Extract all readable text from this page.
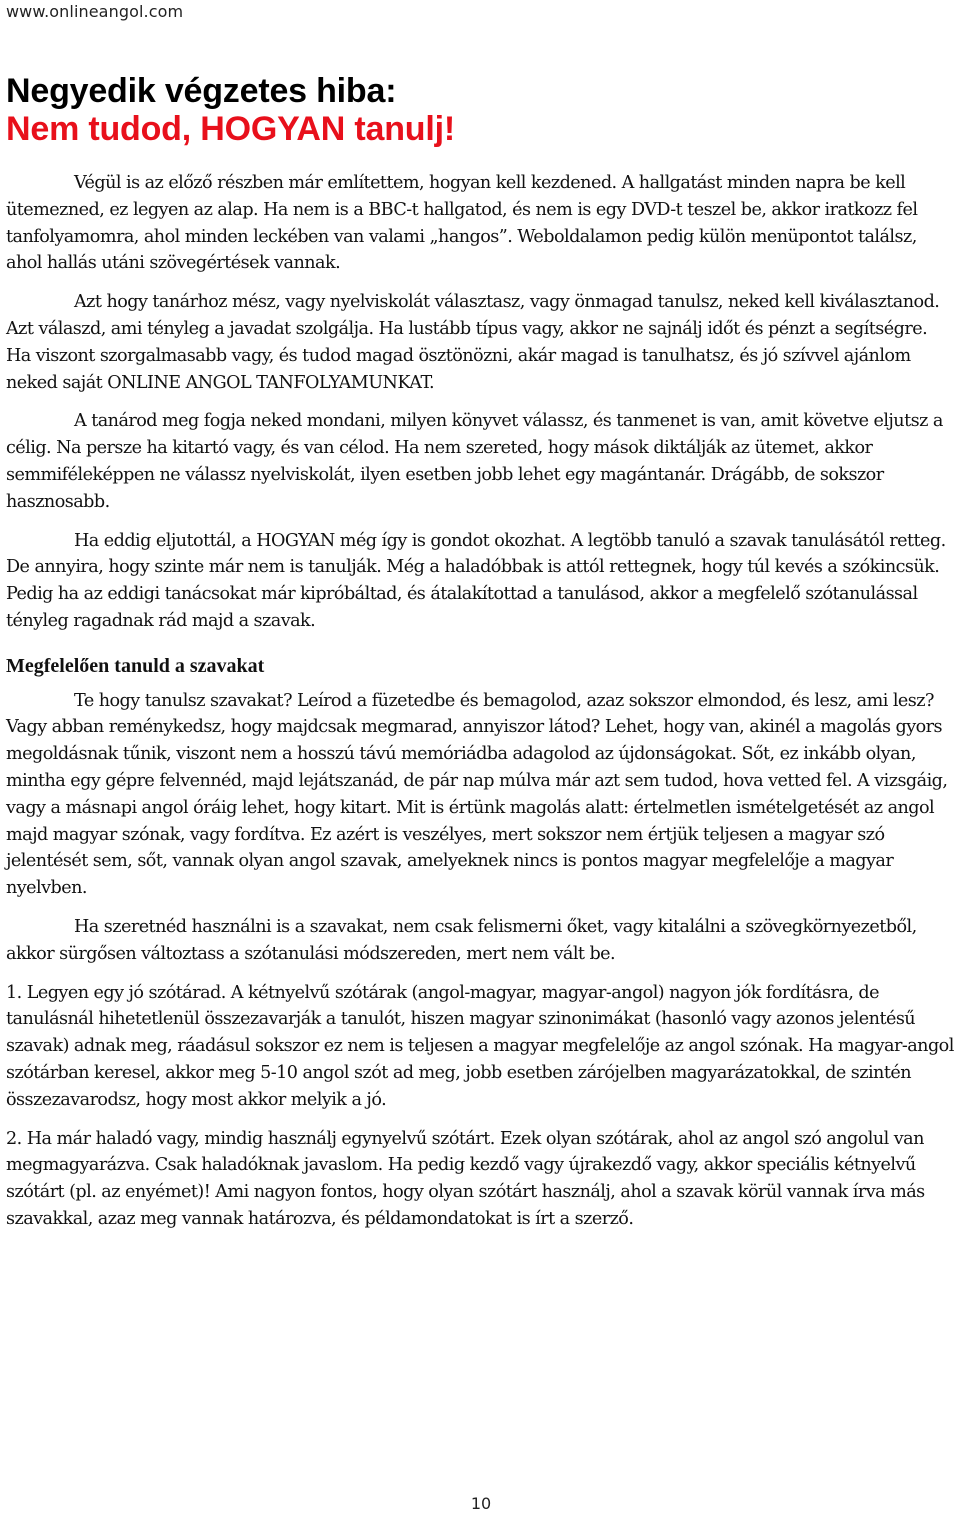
www.onlineangol.com
Negyedik végzetes hiba:
Nem tudod, HOGYAN tanulj!

Végül is az előző részben már említettem, hogyan kell kezdened. A hallgatást minden napra be kell ütemezned, ez legyen az alap. Ha nem is a BBC-t hallgatod, és nem is egy DVD-t teszel be, akkor iratkozz fel tanfolyamomra, ahol minden leckében van valami „hangos”. Weboldalamon pedig külön menüpontot találsz, ahol hallás utáni szövegértések vannak.

Azt hogy tanárhoz mész, vagy nyelviskolát választasz, vagy önmagad tanulsz, neked kell kiválasztanod. Azt válaszd, ami tényleg a javadat szolgálja. Ha lustább típus vagy, akkor ne sajnálj időt és pénzt a segítségre. Ha viszont szorgalmasabb vagy, és tudod magad ösztönözni, akár magad is tanulhatsz, és jó szívvel ajánlom neked saját ONLINE ANGOL TANFOLYAMUNKAT.

A tanárod meg fogja neked mondani, milyen könyvet válassz, és tanmenet is van, amit követve eljutsz a célig. Na persze ha kitartó vagy, és van célod. Ha nem szereted, hogy mások diktálják az ütemet, akkor semmiféleképpen ne válassz nyelviskolát, ilyen esetben jobb lehet egy magántanár. Drágább, de sokszor hasznosabb.

Ha eddig eljutottál, a HOGYAN még így is gondot okozhat. A legtöbb tanuló a szavak tanulásától retteg. De annyira, hogy szinte már nem is tanulják. Még a haladóbbak is attól rettegnek, hogy túl kevés a szókincsük. Pedig ha az eddigi tanácsokat már kipróbáltad, és átalakítottad a tanulásod, akkor a megfelelő szótanulással tényleg ragadnak rád majd a szavak.

Megfelelően tanuld a szavakat

Te hogy tanulsz szavakat? Leírod a füzetedbe és bemagolod, azaz sokszor elmondod, és lesz, ami lesz? Vagy abban reménykedsz, hogy majdcsak megmarad, annyiszor látod? Lehet, hogy van, akinél a magolás gyors megoldásnak tűnik, viszont nem a hosszú távú memóriádba adagolod az újdonságokat. Sőt, ez inkább olyan, mintha egy gépre felvennéd, majd lejátszanád, de pár nap múlva már azt sem tudod, hova vetted fel. A vizsgáig, vagy a másnapi angol óráig lehet, hogy kitart. Mit is értünk magolás alatt: értelmetlen ismételgetését az angol majd magyar szónak, vagy fordítva. Ez azért is veszélyes, mert sokszor nem értjük teljesen a magyar szó jelentését sem, sőt, vannak olyan angol szavak, amelyeknek nincs is pontos magyar megfelelője a magyar nyelvben.

Ha szeretnéd használni is a szavakat, nem csak felismerni őket, vagy kitalálni a szövegkörnyezetből, akkor sürgősen változtass a szótanulási módszereden, mert nem vált be.

1. Legyen egy jó szótárad. A kétnyelvű szótárak (angol-magyar, magyar-angol) nagyon jók fordításra, de tanulásnál hihetetlenül összezavarják a tanulót, hiszen magyar szinonimákat (hasonló vagy azonos jelentésű szavak) adnak meg, ráadásul sokszor ez nem is teljesen a magyar megfelelője az angol szónak. Ha magyar-angol szótárban keresel, akkor meg 5-10 angol szót ad meg, jobb esetben zárójelben magyarázatokkal, de szintén összezavarodsz, hogy most akkor melyik a jó.

2. Ha már haladó vagy, mindig használj egynyelvű szótárt. Ezek olyan szótárak, ahol az angol szó angolul van megmagyarázva. Csak haladóknak javaslom. Ha pedig kezdő vagy újrakezdő vagy, akkor speciális kétnyelvű szótárt (pl. az enyémet)! Ami nagyon fontos, hogy olyan szótárt használj, ahol a szavak körül vannak írva más szavakkal, azaz meg vannak határozva, és példamondatokat is írt a szerző.

10
